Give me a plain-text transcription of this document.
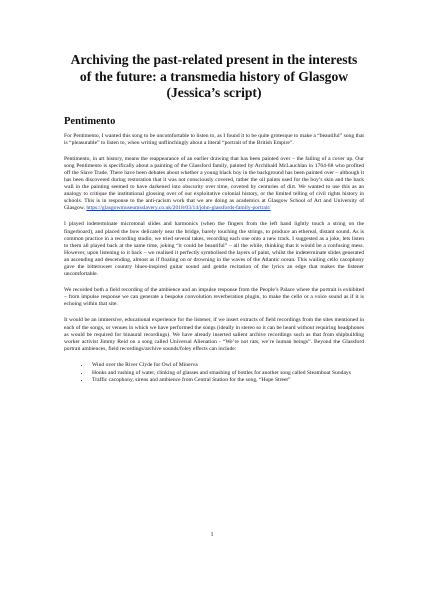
Archiving the past-related present in the interests of the future: a transmedia history of Glasgow (Jessica’s script)
Pentimento

For Pentimento, I wanted this song to be uncomfortable to listen to, as I found it to be quite grotesque to make a “beautiful” song that is “pleasurable” to listen to, when writing unflinchingly about a literal “portrait of the British Empire”.

Pentimento, in art history, means the reappearance of an earlier drawing that has been painted over – the failing of a cover up. Our song Pentimento is specifically about a painting of the Glassford family, painted by Archibald McLauchlan in 1764-68 who profited off the Slave Trade. There have been debates about whether a young black boy in the background has been painted over – although it has been discovered during restoration that it was not consciously covered, rather the oil paints used for the boy’s skin and the back wall in the painting seemed to have darkened into obscurity over time, covered by centuries of dirt. We wanted to use this as an analogy to critique the institutional glossing over of our exploitative colonial history, or the limited telling of civil rights history in schools. This is in response to the anti-racism work that we are doing as academics at Glasgow School of Art and University of Glasgow. https://glasgowmuseumsslavery.co.uk/2018/03/14/john-glassfords-family-portrait/

I played indeterminate microtonal slides and harmonics (when the fingers from the left hand lightly touch a string on the fingerboard), and placed the bow delicately near the bridge, barely touching the strings, to produce an ethereal, distant sound. As is common practice in a recording studio, we tried several takes, recording each one onto a new track. I suggested as a joke, lets listen to them all played back at the same time, joking “it could be beautiful” – all the while, thinking that it would be a confusing mess. However, upon listening to it back – we realised it perfectly symbolised the layers of paint, whilst the indeterminate slides generated an ascending and descending, almost as if floating on or drowning in the waves of the Atlantic ocean. This wailing cello cacophony gave the bittersweet country blues-inspired guitar sound and gentle recitation of the lyrics an edge that makes the listener uncomfortable.

We recorded both a field recording of the ambience and an impulse response from the People’s Palace where the portrait is exhibited – from impulse response we can generate a bespoke convolution reverberation plugin, to make the cello or a voice sound as if it is echoing within that site.

It would be an immersive, educational experience for the listener, if we insert extracts of field recordings from the sites mentioned in each of the songs, or venues in which we have performed the songs (ideally in stereo so it can be heard without requiring headphones as would be required for binaural recordings). We have already inserted salient archive recordings such as that from shipbuilding worker activist Jimmy Reid on a song called Universal Alienation - “We’re not rats, we’re human beings”. Beyond the Glassford portrait ambiences, field recordings/archive sounds/foley effects can include:

• Wind over the River Clyde for Owl of Minerva
• Honks and rushing of water, clinking of glasses and smashing of bottles for another song called Steamboat Sundays
• Traffic cacophony, sirens and ambience from Central Station for the song, “Hope Street”
1
